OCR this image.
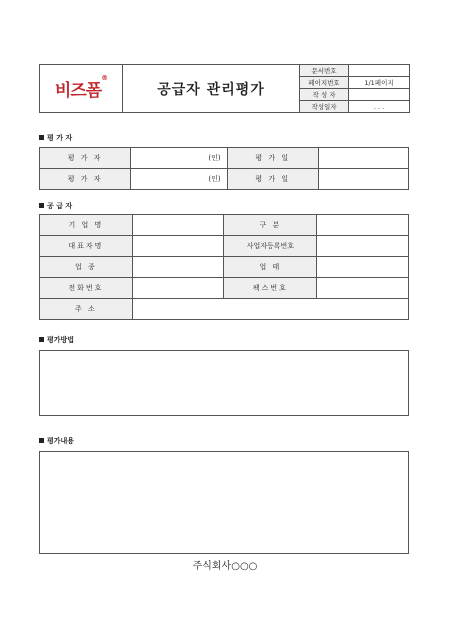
비즈폼®	공급자 관리평가	문서번호	
		페이지번호	1/1페이지
		작 성 자	
		작성일자	. . .
평 가 자
평 가 자	(인)	평 가 일	
평 가 자	(인)	평 가 일	
공 급 자
기 업 명		구 분	
대표자명		사업자등록번호	
업 종		업 태	
전화번호		팩스번호	
주 소			
평가방법
평가내용
주식회사○○○
